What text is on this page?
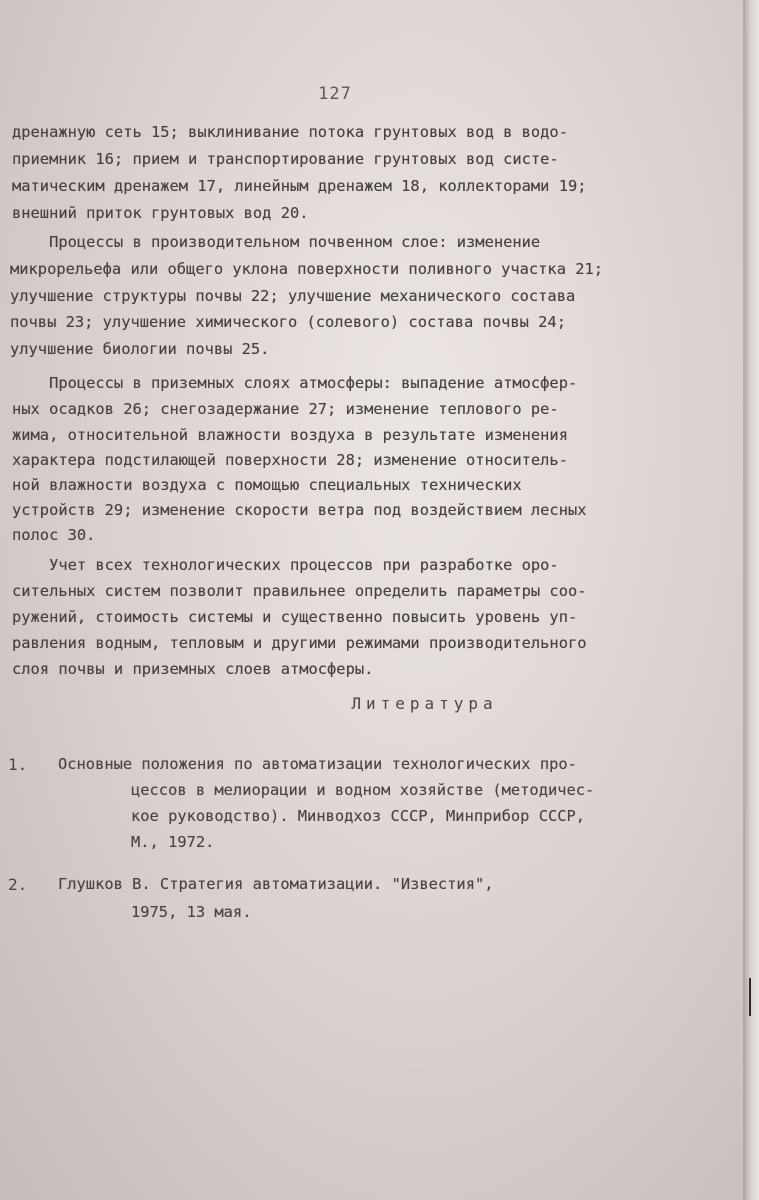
127
дренажную сеть 15; выклинивание потока грунтовых вод в водо-
приемник 16; прием и транспортирование грунтовых вод систе-
матическим дренажем 17, линейным дренажем 18, коллекторами 19;
внешний приток грунтовых вод 20.
Процессы в производительном почвенном слое: изменение
микрорельефа или общего уклона поверхности поливного участка 21;
улучшение структуры почвы 22; улучшение механического состава
почвы 23; улучшение химического (солевого) состава почвы 24;
улучшение биологии почвы 25.
Процессы в приземных слоях атмосферы: выпадение атмосфер-
ных осадков 26; снегозадержание 27; изменение теплового ре-
жима, относительной влажности воздуха в результате изменения
характера подстилающей поверхности 28; изменение относитель-
ной влажности воздуха с помощью специальных технических
устройств 29; изменение скорости ветра под воздействием лесных
полос 30.
Учет всех технологических процессов при разработке оро-
сительных систем позволит правильнее определить параметры соо-
ружений, стоимость системы и существенно повысить уровень уп-
равления водным, тепловым и другими режимами производительного
слоя почвы и приземных слоев атмосферы.
Литература
1. Основные положения по автоматизации технологических про-
цессов в мелиорации и водном хозяйстве (методичес-
кое руководство). Минводхоз СССР, Минприбор СССР,
М., 1972.
2. Глушков В. Стратегия автоматизации. "Известия",
1975, 13 мая.
